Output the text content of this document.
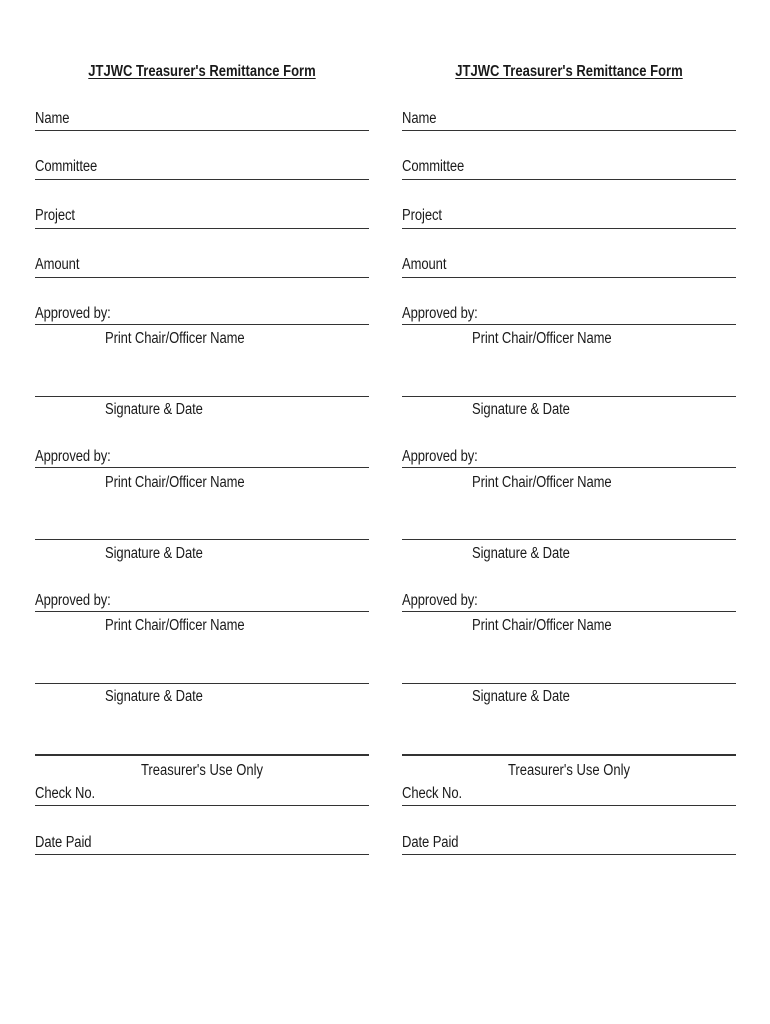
JTJWC Treasurer's Remittance Form
Name
Committee
Project
Amount
Approved by:
Print Chair/Officer Name
Signature & Date
Approved by:
Print Chair/Officer Name
Signature & Date
Approved by:
Print Chair/Officer Name
Signature & Date
Treasurer's Use Only
Check No.
Date Paid
JTJWC Treasurer's Remittance Form
Name
Committee
Project
Amount
Approved by:
Print Chair/Officer Name
Signature & Date
Approved by:
Print Chair/Officer Name
Signature & Date
Approved by:
Print Chair/Officer Name
Signature & Date
Treasurer's Use Only
Check No.
Date Paid
